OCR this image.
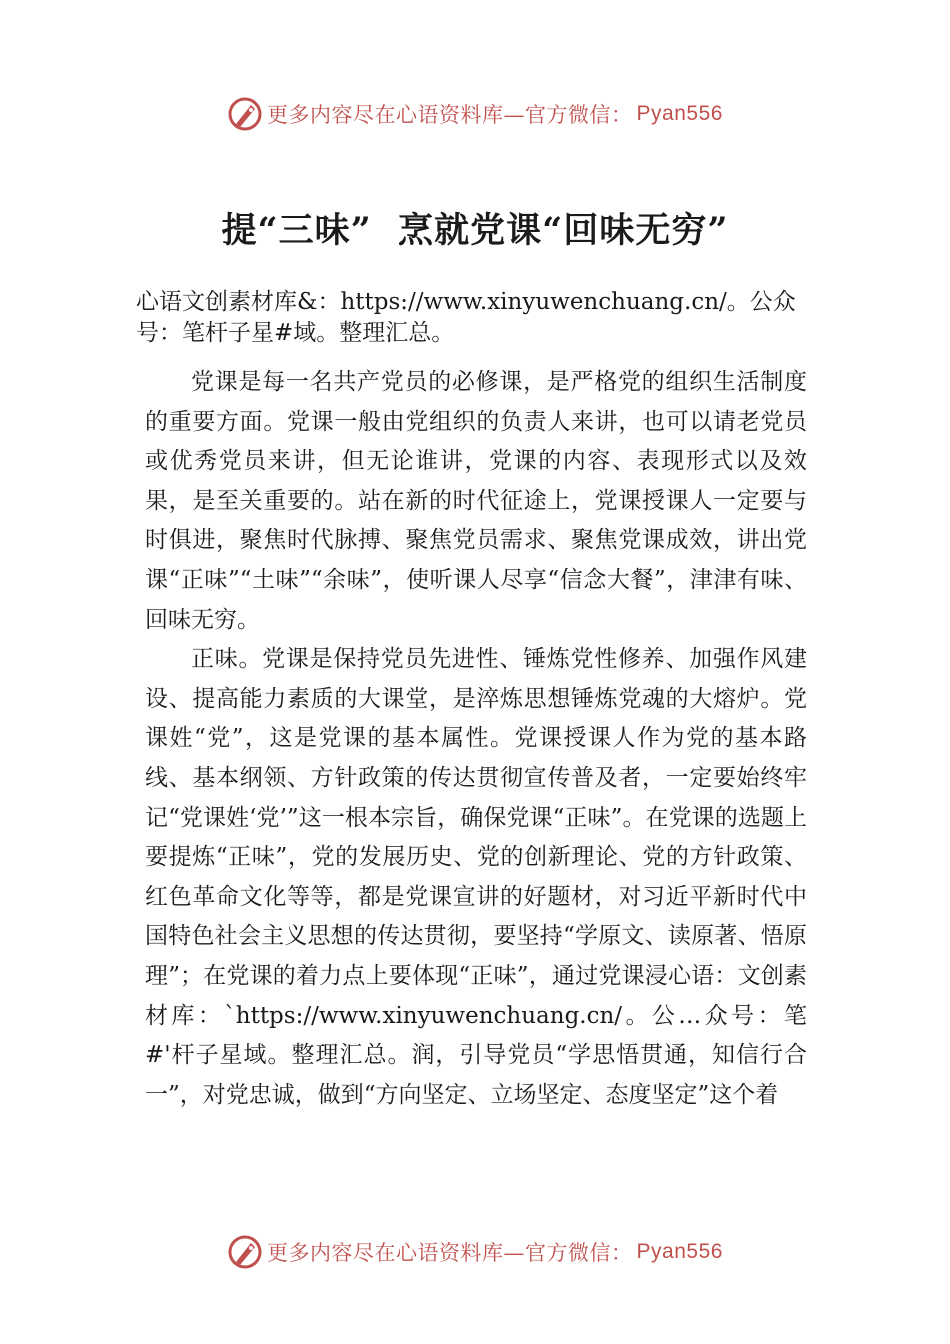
更多内容尽在心语资料库—官方微信： Pyan556
提“三味”  烹就党课“回味无穷”
心语文创素材库&：https://www.xinyuwenchuang.cn/。公众号：笔杆子星#域。整理汇总。

党课是每一名共产党员的必修课，是严格党的组织生活制度的重要方面。党课一般由党组织的负责人来讲，也可以请老党员或优秀党员来讲，但无论谁讲，党课的内容、表现形式以及效果，是至关重要的。站在新的时代征途上，党课授课人一定要与时俱进，聚焦时代脉搏、聚焦党员需求、聚焦党课成效，讲出党课“正味”“土味”“余味”，使听课人尽享“信念大餐”，津津有味、回味无穷。

正味。党课是保持党员先进性、锤炼党性修养、加强作风建设、提高能力素质的大课堂，是淬炼思想锤炼党魂的大熔炉。党课姓“党”，这是党课的基本属性。党课授课人作为党的基本路线、基本纲领、方针政策的传达贯彻宣传普及者，一定要始终牢记“党课姓‘党’”这一根本宗旨，确保党课“正味”。在党课的选题上要提炼“正味”，党的发展历史、党的创新理论、党的方针政策、红色革命文化等等，都是党课宣讲的好题材，对习近平新时代中国特色社会主义思想的传达贯彻，要坚持“学原文、读原著、悟原理”；在党课的着力点上要体现“正味”，通过党课浸心语：文创素材库：`https://www.xinyuwenchuang.cn/。公…众号：笔#'杆子星域。整理汇总。润，引导党员“学思悟贯通，知信行合一”，对党忠诚，做到“方向坚定、立场坚定、态度坚定”这个着

更多内容尽在心语资料库—官方微信： Pyan556
